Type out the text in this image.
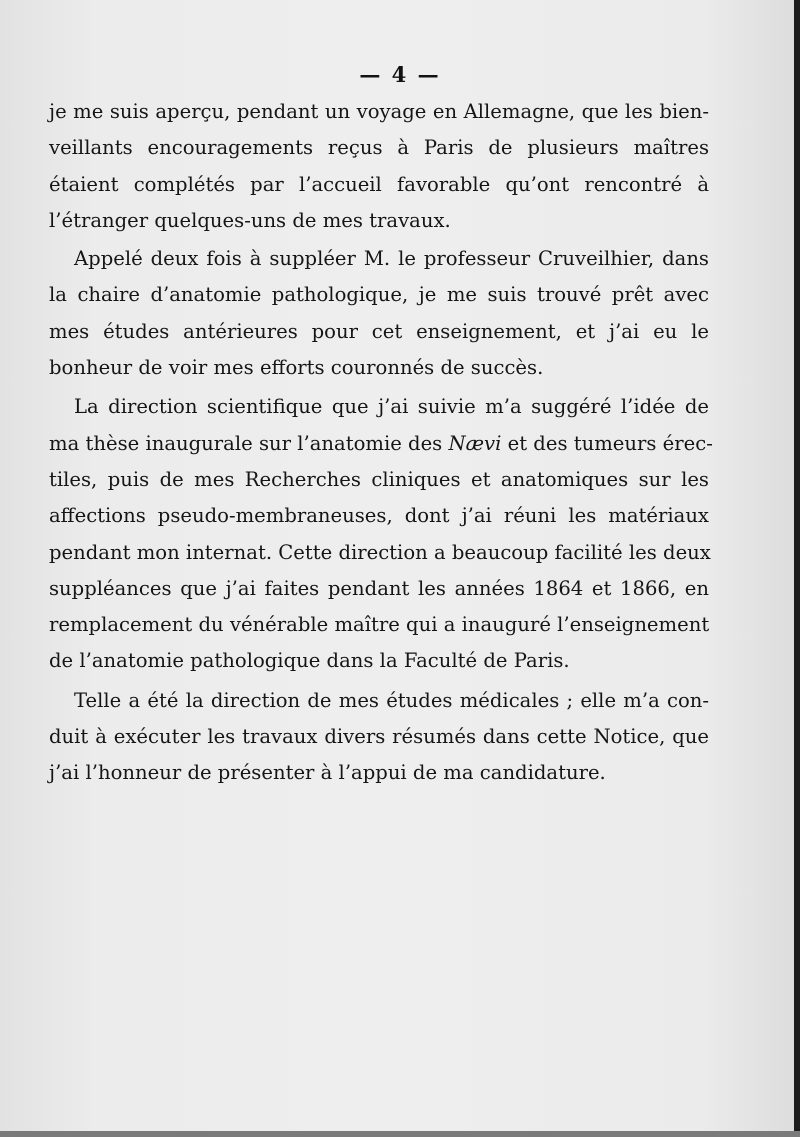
— 4 —
je me suis aperçu, pendant un voyage en Allemagne, que les bien-
veillants encouragements reçus à Paris de plusieurs maîtres
étaient complétés par l’accueil favorable qu’ont rencontré à
l’étranger quelques-uns de mes travaux.
Appelé deux fois à suppléer M. le professeur Cruveilhier, dans
la chaire d’anatomie pathologique, je me suis trouvé prêt avec
mes études antérieures pour cet enseignement, et j’ai eu le
bonheur de voir mes efforts couronnés de succès.
La direction scientifique que j’ai suivie m’a suggéré l’idée de
ma thèse inaugurale sur l’anatomie des Nævi et des tumeurs érec-
tiles, puis de mes Recherches cliniques et anatomiques sur les
affections pseudo-membraneuses, dont j’ai réuni les matériaux
pendant mon internat. Cette direction a beaucoup facilité les deux
suppléances que j’ai faites pendant les années 1864 et 1866, en
remplacement du vénérable maître qui a inauguré l’enseignement
de l’anatomie pathologique dans la Faculté de Paris.
Telle a été la direction de mes études médicales ; elle m’a con-
duit à exécuter les travaux divers résumés dans cette Notice, que
j’ai l’honneur de présenter à l’appui de ma candidature.
